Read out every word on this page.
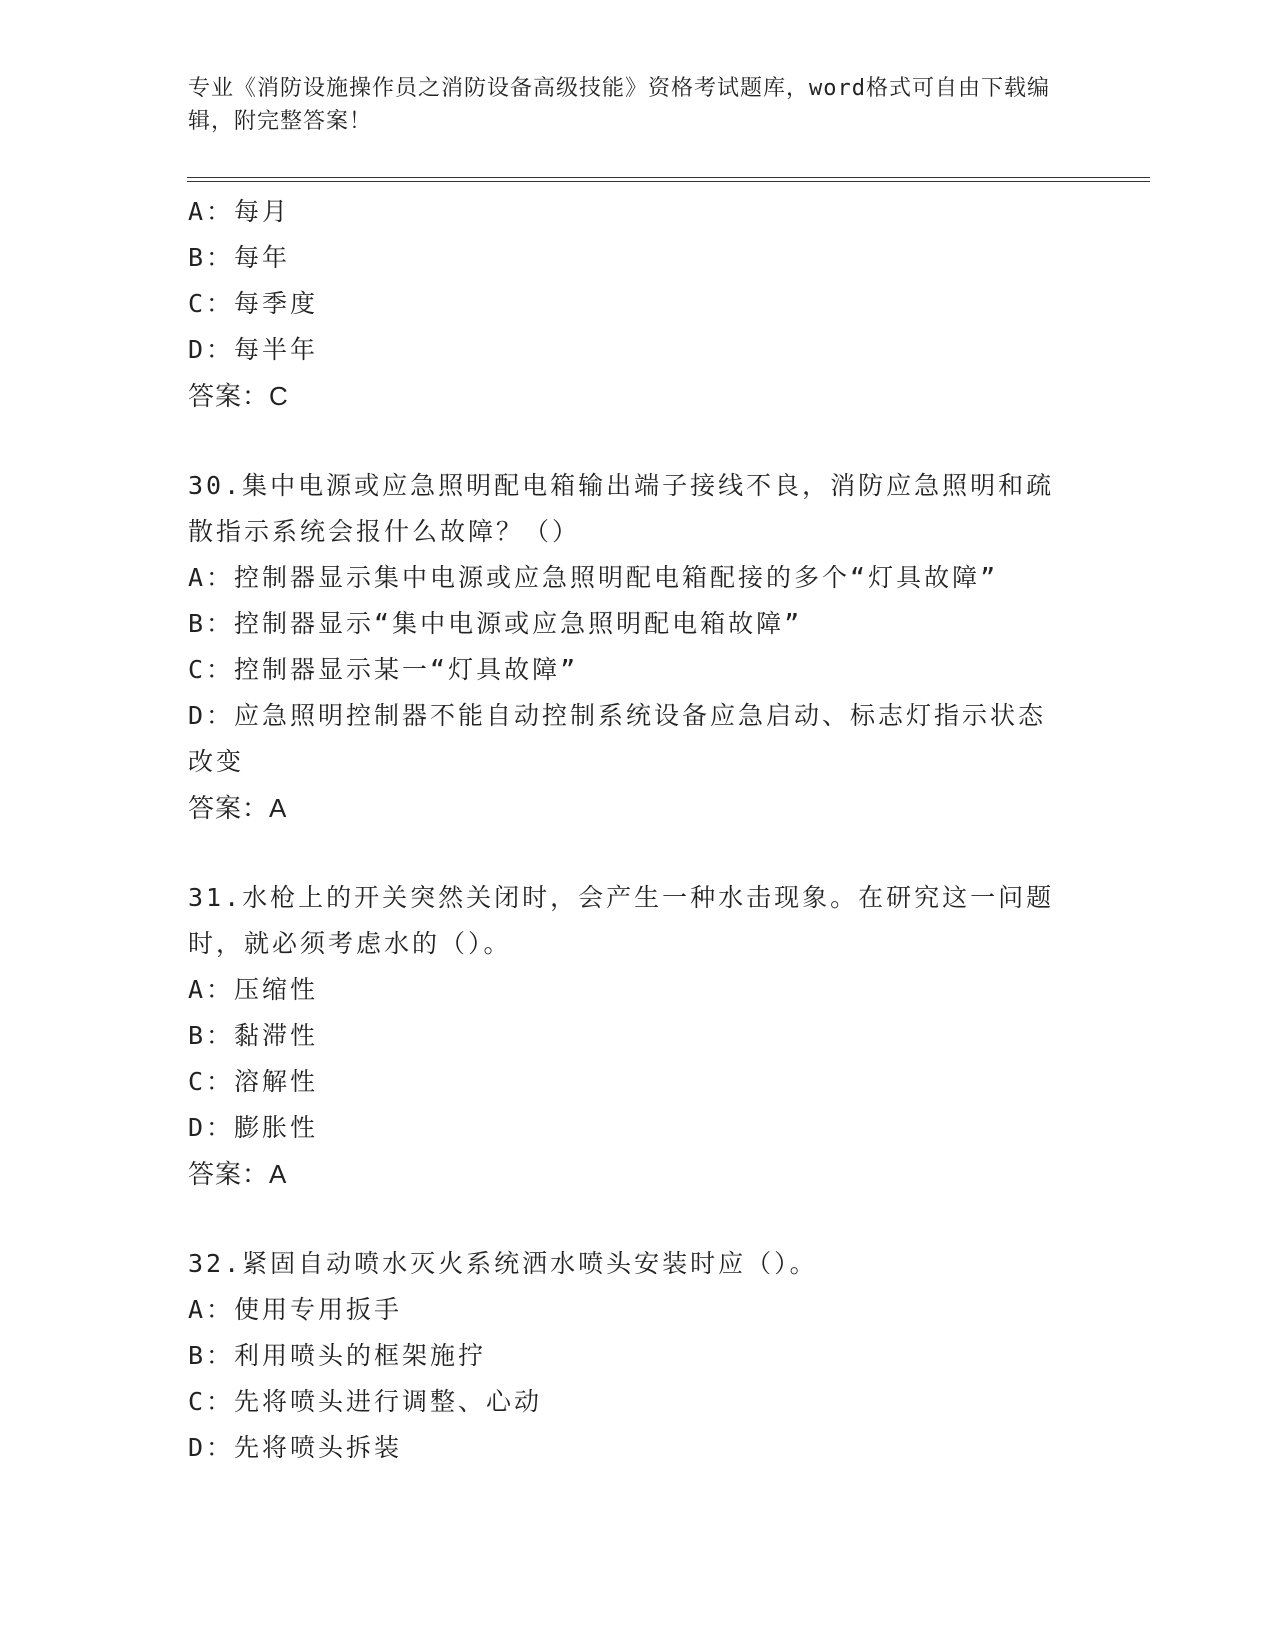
专业《消防设施操作员之消防设备高级技能》资格考试题库，word格式可自由下载编辑，附完整答案！
A：每月
B：每年
C：每季度
D：每半年
答案：C
30.集中电源或应急照明配电箱输出端子接线不良，消防应急照明和疏散指示系统会报什么故障？（）
A：控制器显示集中电源或应急照明配电箱配接的多个“灯具故障”
B：控制器显示“集中电源或应急照明配电箱故障”
C：控制器显示某一“灯具故障”
D：应急照明控制器不能自动控制系统设备应急启动、标志灯指示状态改变
答案：A
31.水枪上的开关突然关闭时，会产生一种水击现象。在研究这一问题时，就必须考虑水的（）。
A：压缩性
B：黏滞性
C：溶解性
D：膨胀性
答案：A
32.紧固自动喷水灭火系统洒水喷头安装时应（）。
A：使用专用扳手
B：利用喷头的框架施拧
C：先将喷头进行调整、心动
D：先将喷头拆装
